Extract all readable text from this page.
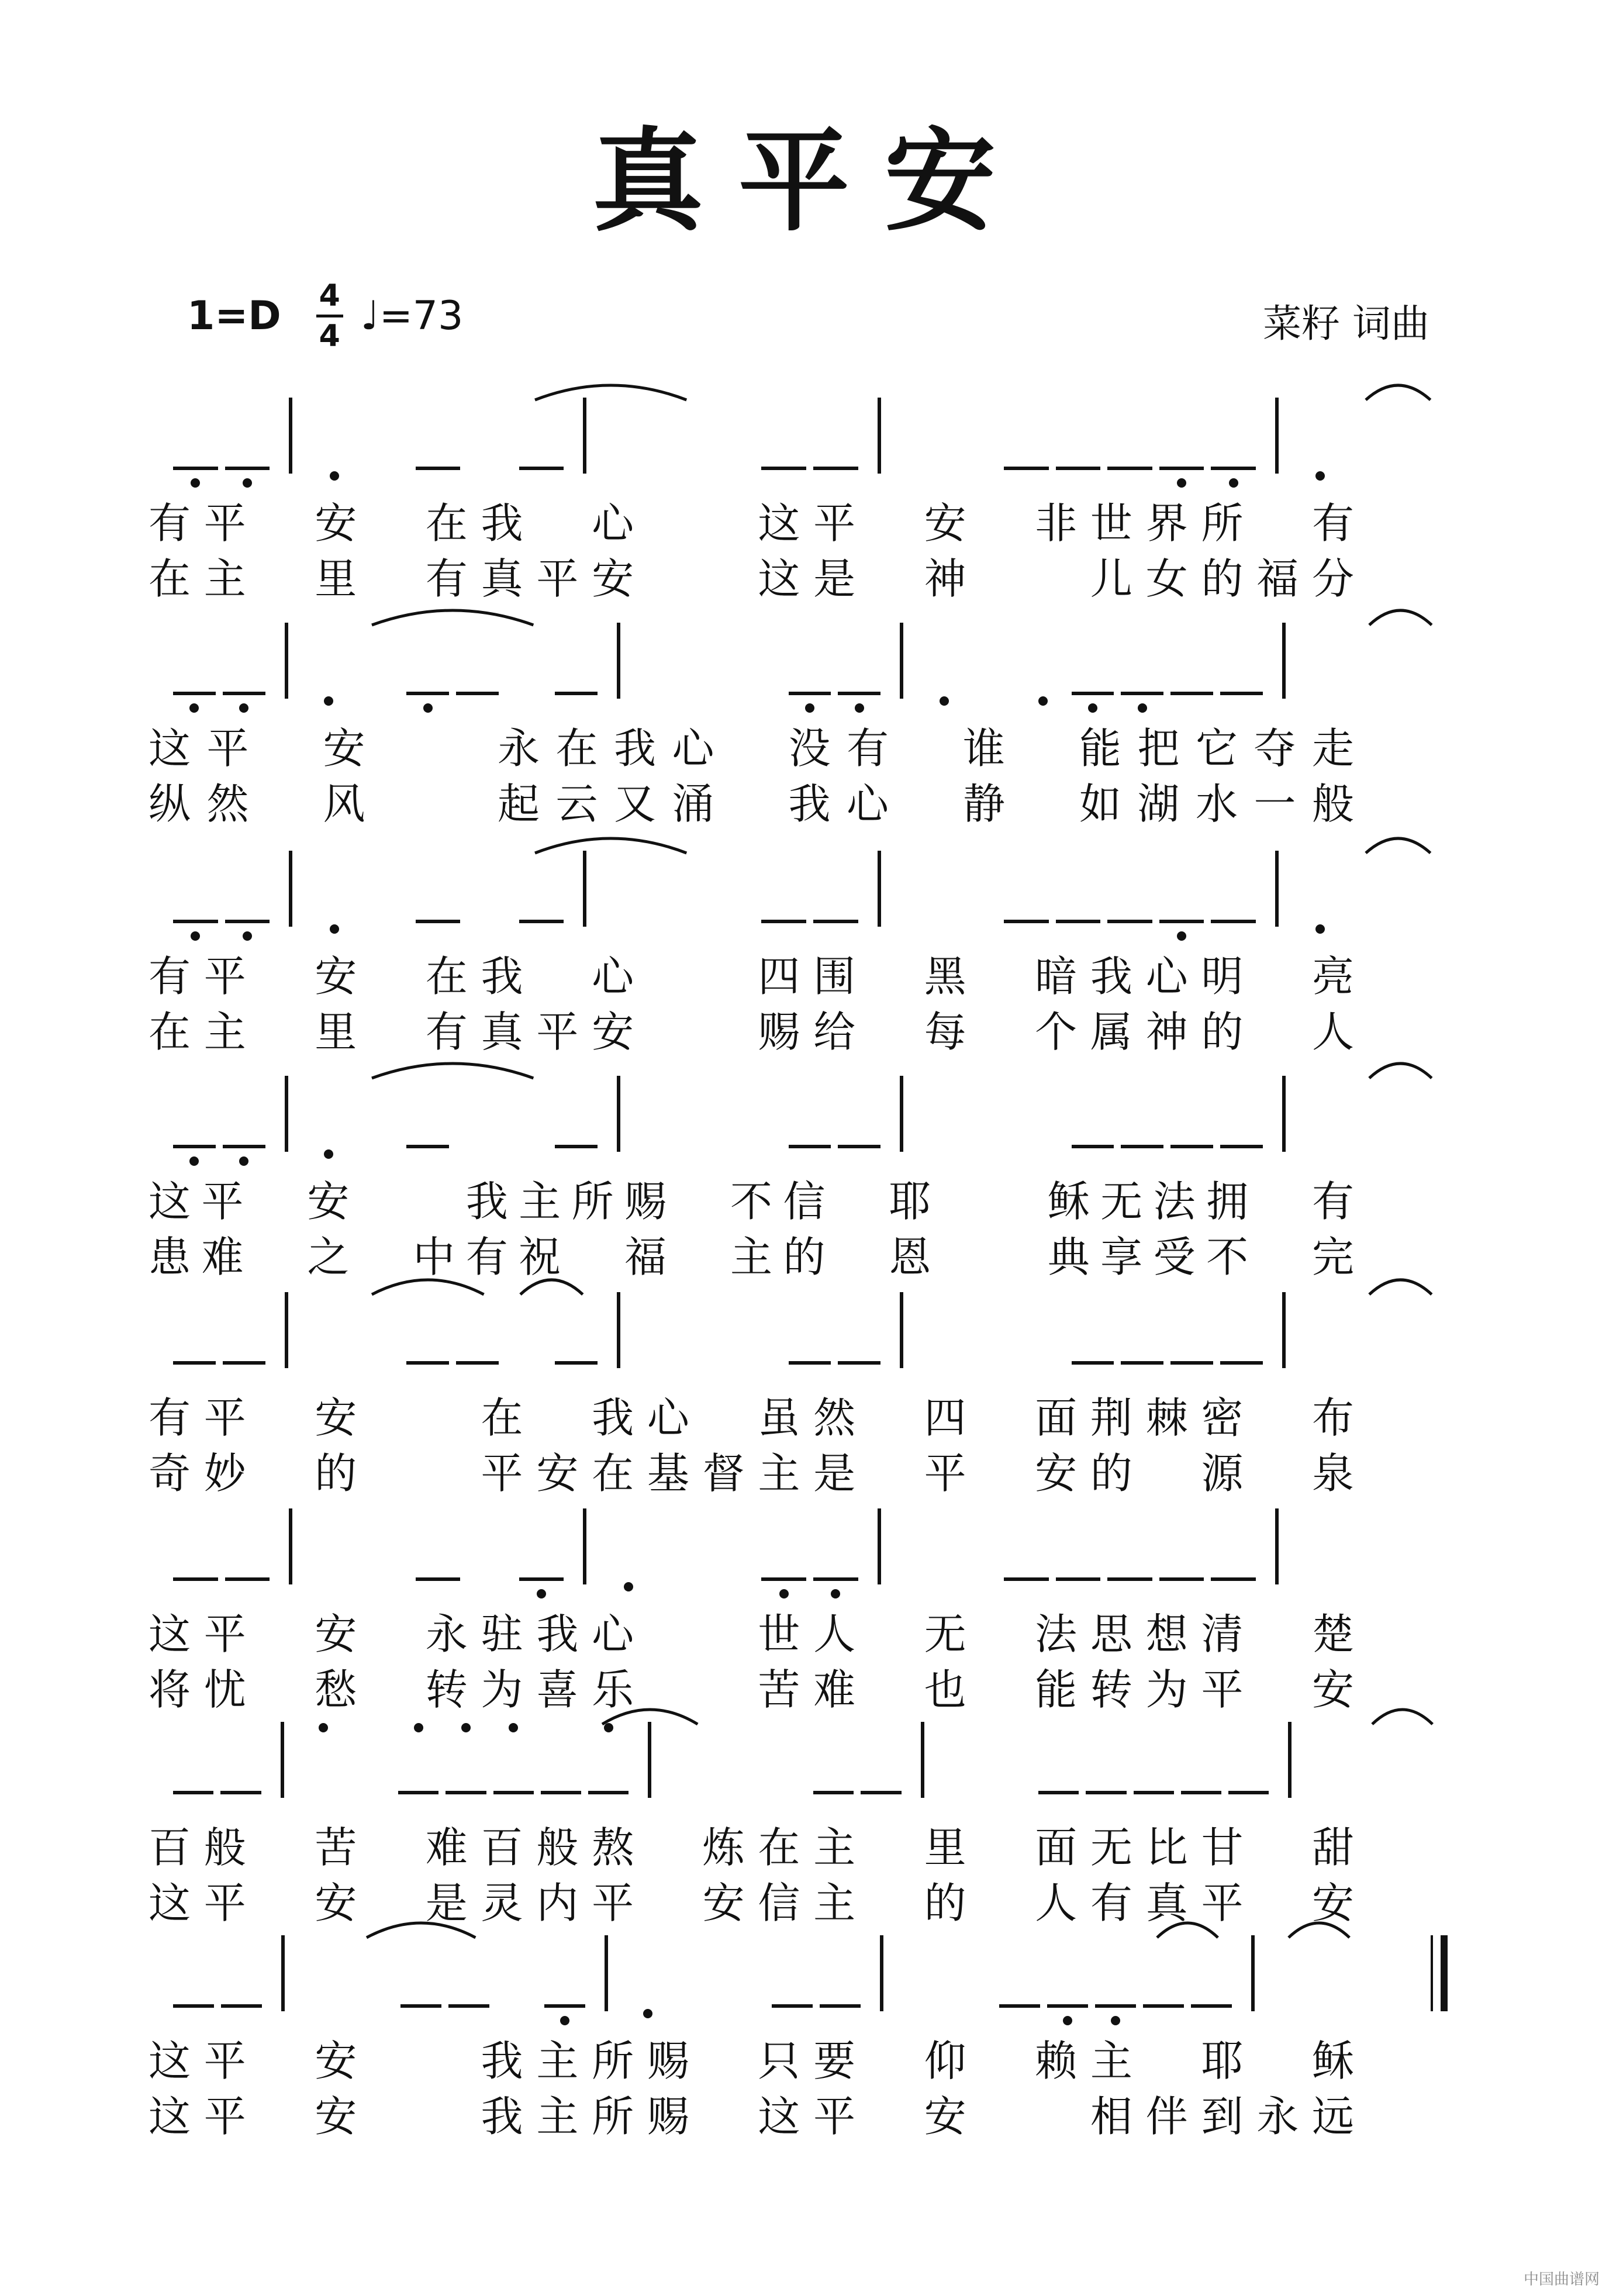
真平安
1=D 4
4 ♩=73	菜籽 词曲
有 平 安 在 我 心	这 平 安 非 世 界 所 有
在 主 里 有 真 平 安	这 是 神	儿 女 的 福 分
这 平 安	永 在 我 心 没 有 谁 能 把 它 夺 走
纵 然 风	起 云 又 涌 我 心 静 如 湖 水 一 般
有 平 安 在 我 心	四 围 黑 暗 我 心 明 亮
在 主 里 有 真 平 安	赐 给 每 个 属 神 的 人
这 平 安	我 主 所 赐 不 信 耶	稣 无 法 拥 有
患 难 之 中 有 祝 福 主 的 恩	典 享 受 不 完
有 平 安	在 我 心 虽 然 四 面 荆 棘 密 布
奇 妙 的	平 安 在 基 督 主 是 平 安 的 源 泉
这 平 安 永 驻 我 心	世 人 无 法 思 想 清 楚
将 忧 愁 转 为 喜 乐	苦 难 也 能 转 为 平 安
百 般 苦 难 百 般 熬 炼 在 主 里 面 无 比 甘 甜
这 平 安 是 灵 内 平 安 信 主 的 人 有 真 平 安
这 平 安	我 主 所 赐 只 要 仰 赖 主 耶 稣
这 平 安	我 主 所 赐 这 平 安	相 伴 到 永 远
中国曲谱网
